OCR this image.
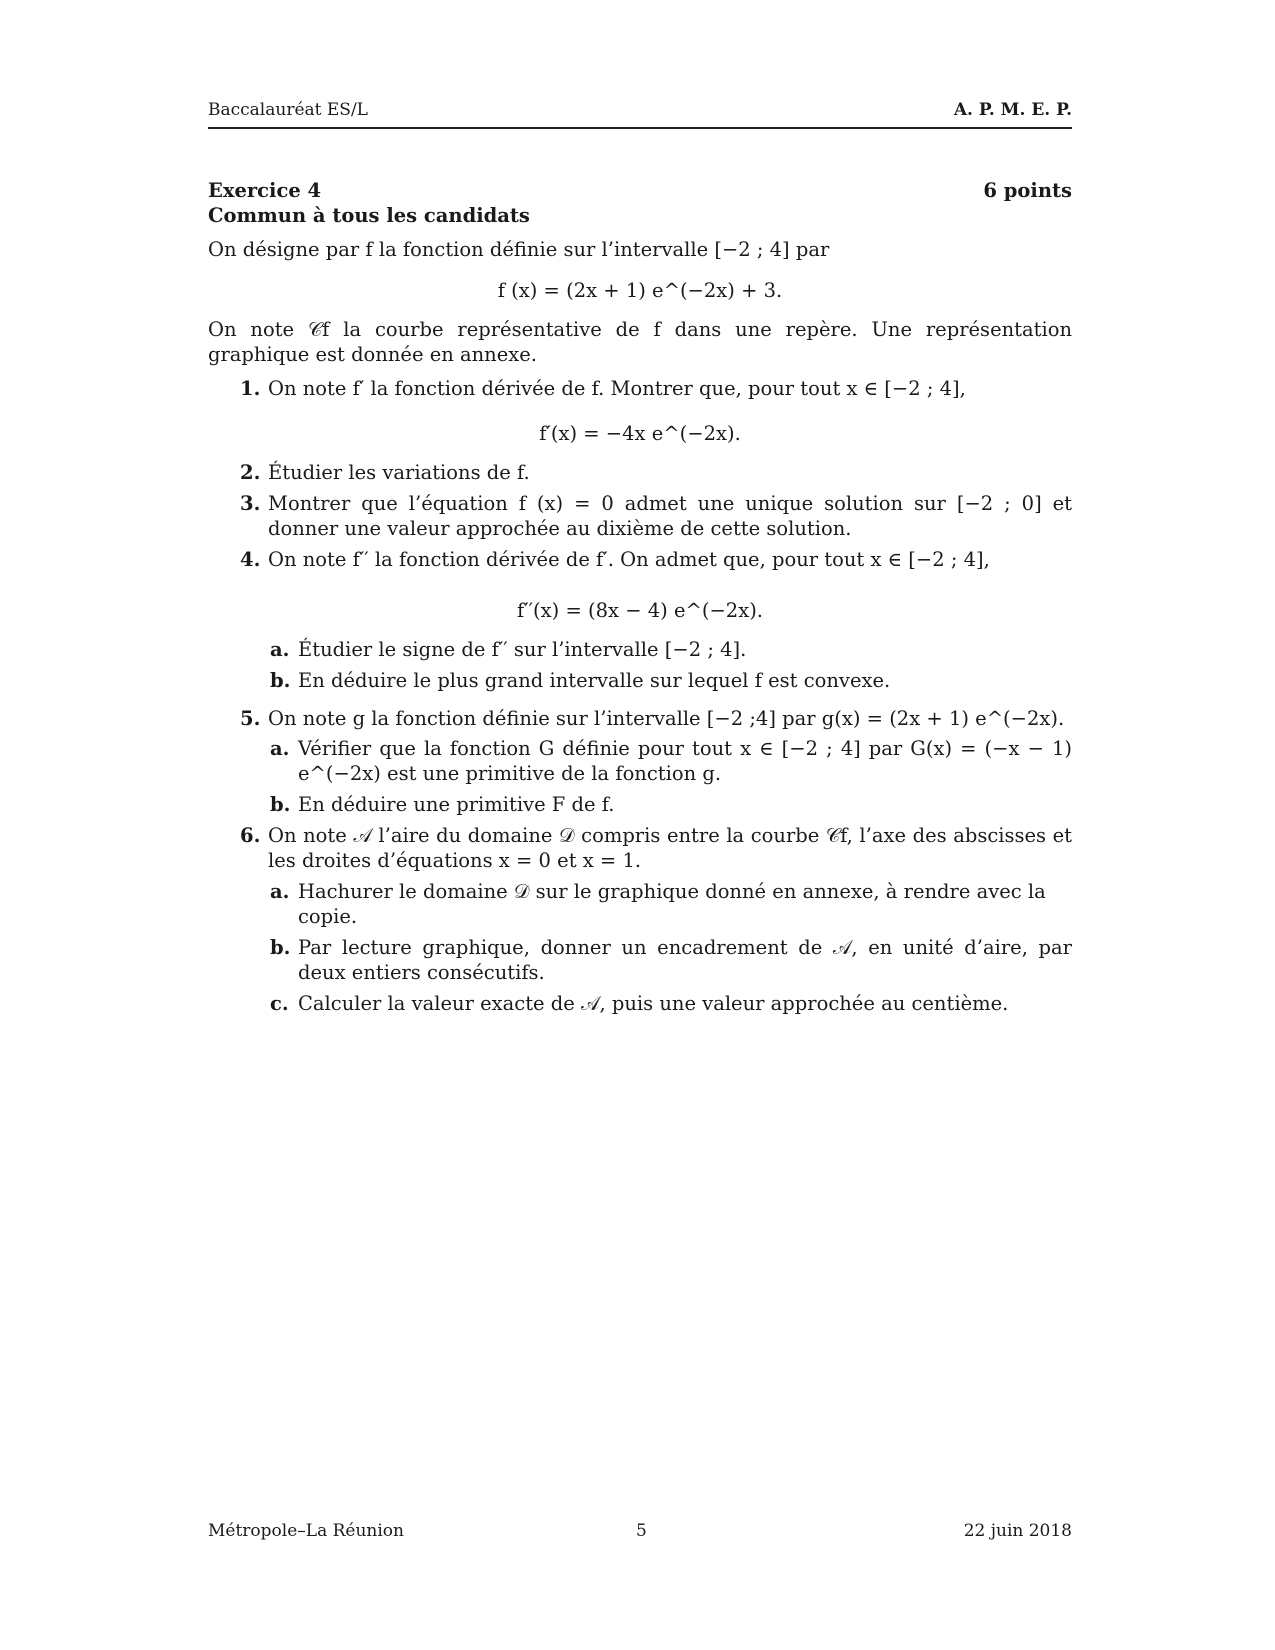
Baccalauréat ES/L	A. P. M. E. P.
Exercice 4	6 points
Commun à tous les candidats

On désigne par f la fonction définie sur l’intervalle [−2 ; 4] par

f (x) = (2x + 1) e^(−2x) + 3.

On note 𝒞f la courbe représentative de f dans une repère. Une représentation graphique est donnée en annexe.

1. On note f′ la fonction dérivée de f. Montrer que, pour tout x ∈ [−2 ; 4],

f′(x) = −4x e^(−2x).

2. Étudier les variations de f.
3. Montrer que l’équation f (x) = 0 admet une unique solution sur [−2 ; 0] et donner une valeur approchée au dixième de cette solution.
4. On note f′′ la fonction dérivée de f′. On admet que, pour tout x ∈ [−2 ; 4],

f′′(x) = (8x − 4) e^(−2x).

a. Étudier le signe de f′′ sur l’intervalle [−2 ; 4].
b. En déduire le plus grand intervalle sur lequel f est convexe.
5. On note g la fonction définie sur l’intervalle [−2 ;4] par g(x) = (2x + 1) e^(−2x).
a. Vérifier que la fonction G définie pour tout x ∈ [−2 ; 4] par G(x) = (−x − 1) e^(−2x) est une primitive de la fonction g.
b. En déduire une primitive F de f.
6. On note 𝒜 l’aire du domaine 𝒟 compris entre la courbe 𝒞f, l’axe des abscisses et les droites d’équations x = 0 et x = 1.
a. Hachurer le domaine 𝒟 sur le graphique donné en annexe, à rendre avec la copie.
b. Par lecture graphique, donner un encadrement de 𝒜, en unité d’aire, par deux entiers consécutifs.
c. Calculer la valeur exacte de 𝒜, puis une valeur approchée au centième.
Métropole–La Réunion	5	22 juin 2018
